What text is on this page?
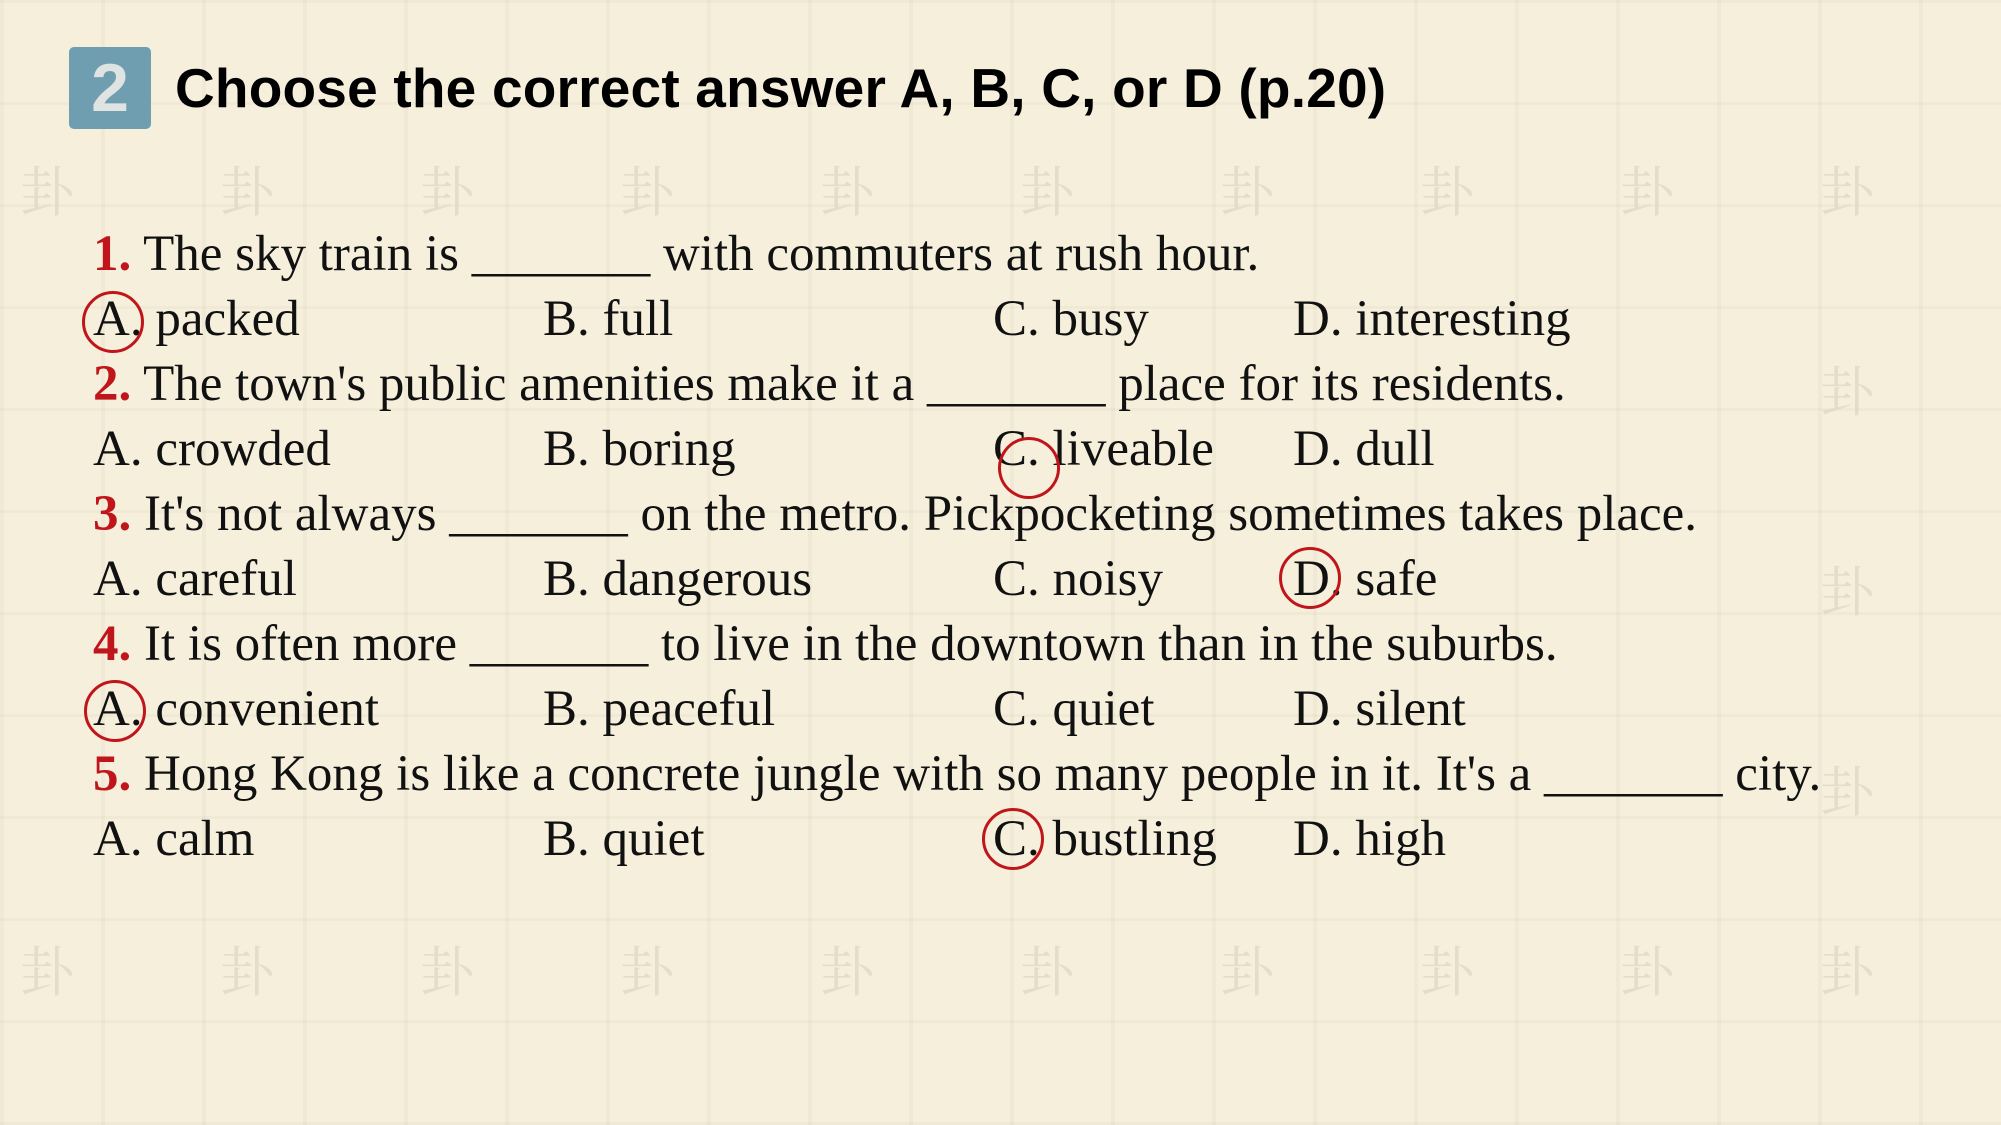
卦	卦	卦	卦	卦	卦	卦	卦	卦	卦
卦	卦	卦	卦	卦	卦	卦	卦	卦	卦
卦
卦
卦
2 Choose the correct answer A, B, C, or D (p.20)
1. The sky train is _______ with commuters at rush hour.
A. packed	B. full	C. busy	D. interesting
2. The town's public amenities make it a _______ place for its residents.
A. crowded	B. boring	C. liveable D. dull
3. It's not always _______ on the metro. Pickpocketing sometimes takes place.
A. careful	B. dangerous	C. noisy	D. safe
4. It is often more _______ to live in the downtown than in the suburbs.
A. convenient	B. peaceful	C. quiet	D. silent
5. Hong Kong is like a concrete jungle with so many people in it. It's a _______ city.
A. calm	B. quiet	C. bustling D. high
